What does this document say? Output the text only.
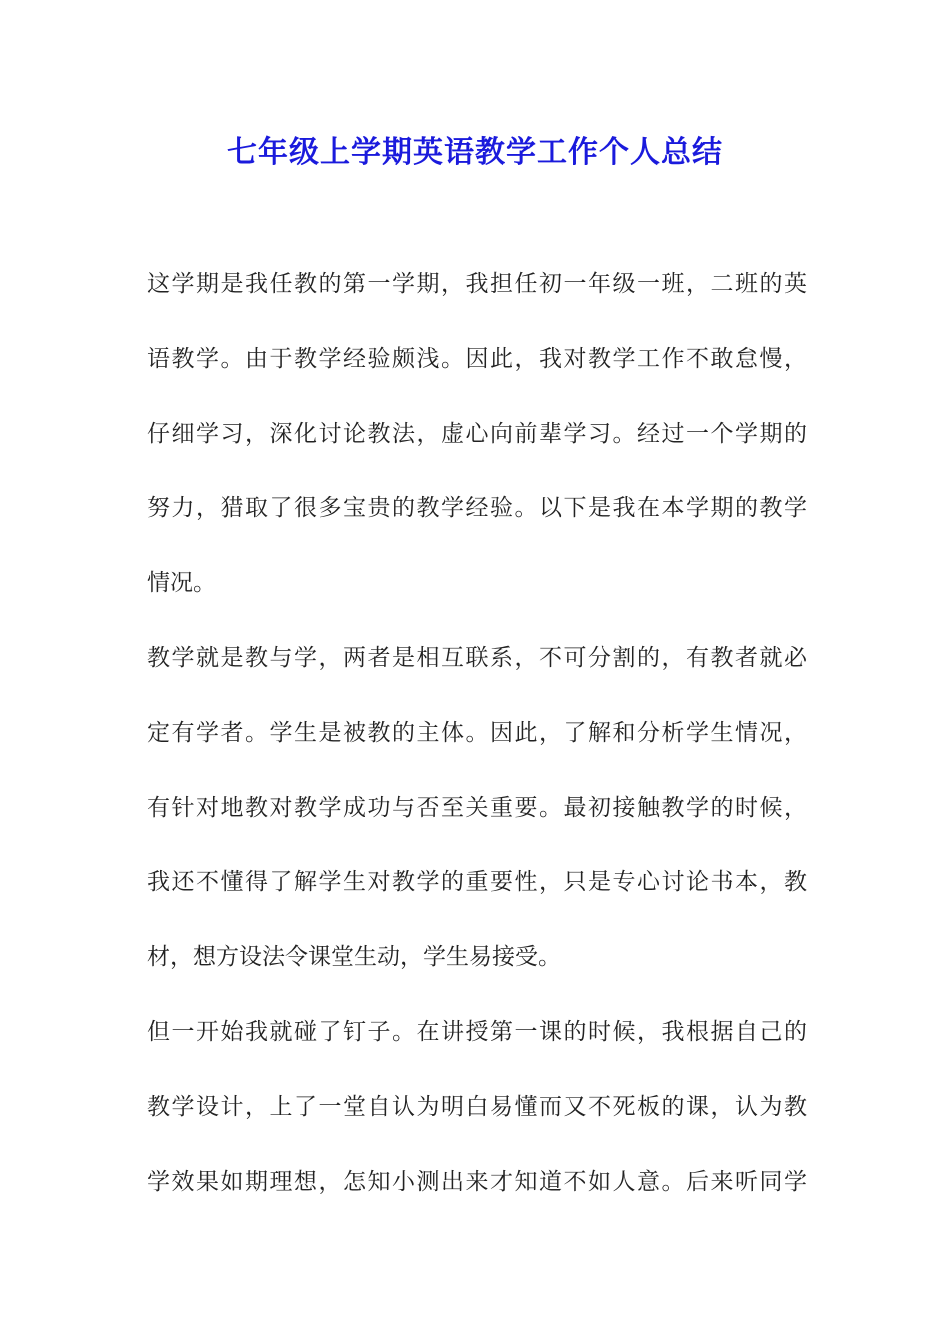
七年级上学期英语教学工作个人总结
这学期是我任教的第一学期，我担任初一年级一班，二班的英
语教学。由于教学经验颇浅。因此，我对教学工作不敢怠慢，
仔细学习，深化讨论教法，虚心向前辈学习。经过一个学期的
努力，猎取了很多宝贵的教学经验。以下是我在本学期的教学
情况。
教学就是教与学，两者是相互联系，不可分割的，有教者就必
定有学者。学生是被教的主体。因此，了解和分析学生情况，
有针对地教对教学成功与否至关重要。最初接触教学的时候，
我还不懂得了解学生对教学的重要性，只是专心讨论书本，教
材，想方设法令课堂生动，学生易接受。
但一开始我就碰了钉子。在讲授第一课的时候，我根据自己的
教学设计，上了一堂自认为明白易懂而又不死板的课，认为教
学效果如期理想，怎知小测出来才知道不如人意。后来听同学
